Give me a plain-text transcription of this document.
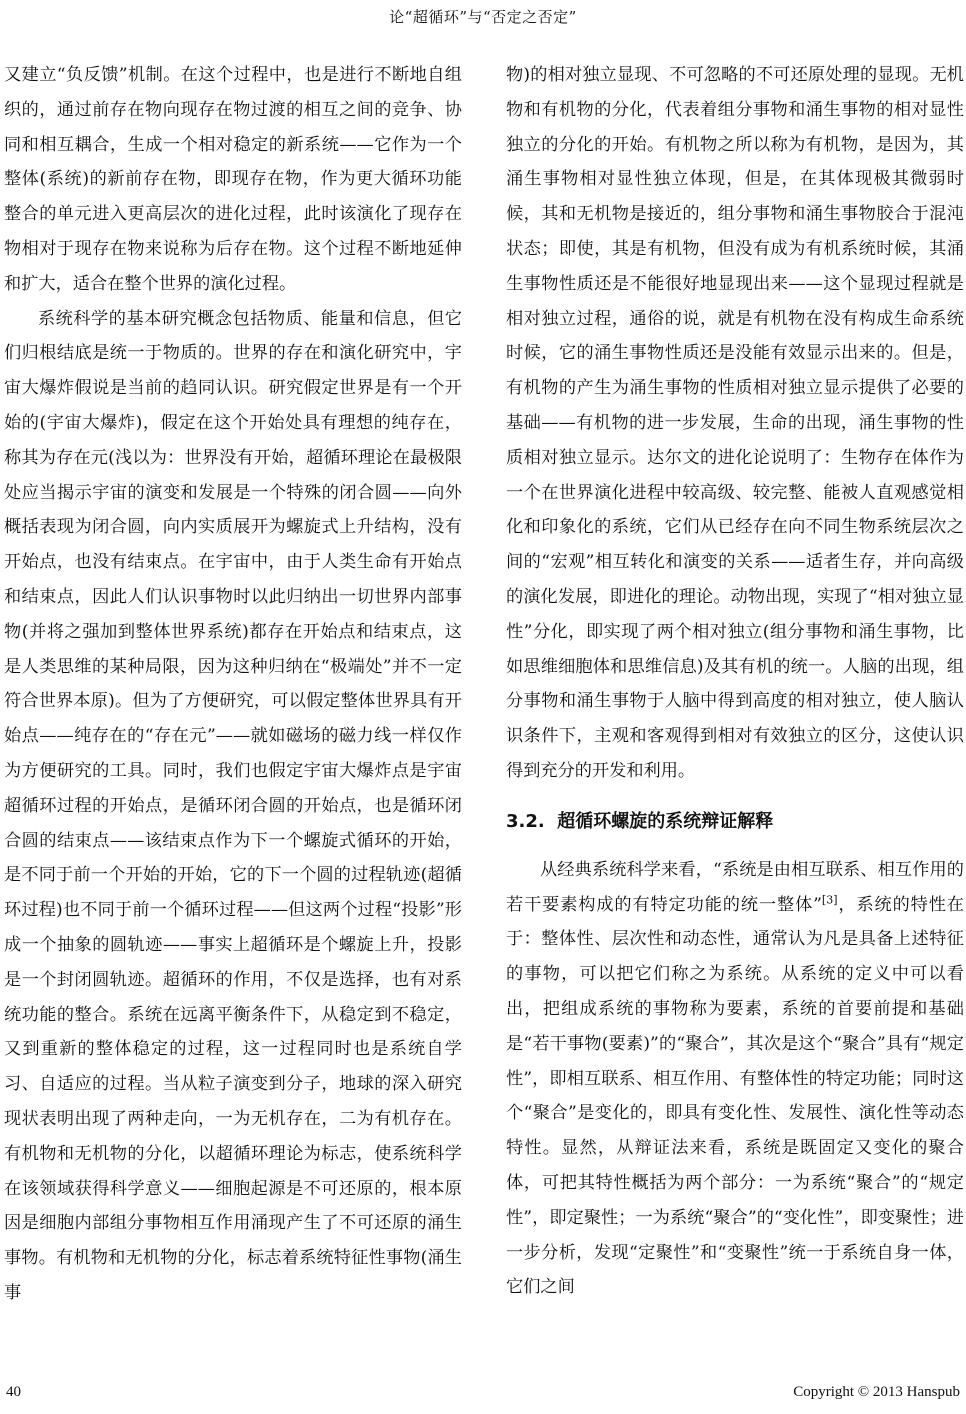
论“超循环”与“否定之否定”

又建立“负反馈”机制。在这个过程中，也是进行不断地自组织的，通过前存在物向现存在物过渡的相互之间的竞争、协同和相互耦合，生成一个相对稳定的新系统——它作为一个整体(系统)的新前存在物，即现存在物，作为更大循环功能整合的单元进入更高层次的进化过程，此时该演化了现存在物相对于现存在物来说称为后存在物。这个过程不断地延伸和扩大，适合在整个世界的演化过程。

系统科学的基本研究概念包括物质、能量和信息，但它们归根结底是统一于物质的。世界的存在和演化研究中，宇宙大爆炸假说是当前的趋同认识。研究假定世界是有一个开始的(宇宙大爆炸)，假定在这个开始处具有理想的纯存在，称其为存在元(浅以为：世界没有开始，超循环理论在最极限处应当揭示宇宙的演变和发展是一个特殊的闭合圆——向外概括表现为闭合圆，向内实质展开为螺旋式上升结构，没有开始点，也没有结束点。在宇宙中，由于人类生命有开始点和结束点，因此人们认识事物时以此归纳出一切世界内部事物(并将之强加到整体世界系统)都存在开始点和结束点，这是人类思维的某种局限，因为这种归纳在“极端处”并不一定符合世界本原)。但为了方便研究，可以假定整体世界具有开始点——纯存在的“存在元”——就如磁场的磁力线一样仅作为方便研究的工具。同时，我们也假定宇宙大爆炸点是宇宙超循环过程的开始点，是循环闭合圆的开始点，也是循环闭合圆的结束点——该结束点作为下一个螺旋式循环的开始，是不同于前一个开始的开始，它的下一个圆的过程轨迹(超循环过程)也不同于前一个循环过程——但这两个过程“投影”形成一个抽象的圆轨迹——事实上超循环是个螺旋上升，投影是一个封闭圆轨迹。超循环的作用，不仅是选择，也有对系统功能的整合。系统在远离平衡条件下，从稳定到不稳定，又到重新的整体稳定的过程，这一过程同时也是系统自学习、自适应的过程。当从粒子演变到分子，地球的深入研究现状表明出现了两种走向，一为无机存在，二为有机存在。有机物和无机物的分化，以超循环理论为标志，使系统科学在该领域获得科学意义——细胞起源是不可还原的，根本原因是细胞内部组分事物相互作用涌现产生了不可还原的涌生事物。有机物和无机物的分化，标志着系统特征性事物(涌生事

物)的相对独立显现、不可忽略的不可还原处理的显现。无机物和有机物的分化，代表着组分事物和涌生事物的相对显性独立的分化的开始。有机物之所以称为有机物，是因为，其涌生事物相对显性独立体现，但是，在其体现极其微弱时候，其和无机物是接近的，组分事物和涌生事物胶合于混沌状态；即使，其是有机物，但没有成为有机系统时候，其涌生事物性质还是不能很好地显现出来——这个显现过程就是相对独立过程，通俗的说，就是有机物在没有构成生命系统时候，它的涌生事物性质还是没能有效显示出来的。但是，有机物的产生为涌生事物的性质相对独立显示提供了必要的基础——有机物的进一步发展，生命的出现，涌生事物的性质相对独立显示。达尔文的进化论说明了：生物存在体作为一个在世界演化进程中较高级、较完整、能被人直观感觉相化和印象化的系统，它们从已经存在向不同生物系统层次之间的“宏观”相互转化和演变的关系——适者生存，并向高级的演化发展，即进化的理论。动物出现，实现了“相对独立显性”分化，即实现了两个相对独立(组分事物和涌生事物，比如思维细胞体和思维信息)及其有机的统一。人脑的出现，组分事物和涌生事物于人脑中得到高度的相对独立，使人脑认识条件下，主观和客观得到相对有效独立的区分，这使认识得到充分的开发和利用。

3.2. 超循环螺旋的系统辩证解释

从经典系统科学来看，“系统是由相互联系、相互作用的若干要素构成的有特定功能的统一整体”[3]，系统的特性在于：整体性、层次性和动态性，通常认为凡是具备上述特征的事物，可以把它们称之为系统。从系统的定义中可以看出，把组成系统的事物称为要素，系统的首要前提和基础是“若干事物(要素)”的“聚合”，其次是这个“聚合”具有“规定性”，即相互联系、相互作用、有整体性的特定功能；同时这个“聚合”是变化的，即具有变化性、发展性、演化性等动态特性。显然，从辩证法来看，系统是既固定又变化的聚合体，可把其特性概括为两个部分：一为系统“聚合”的“规定性”，即定聚性；一为系统“聚合”的“变化性”，即变聚性；进一步分析，发现“定聚性”和“变聚性”统一于系统自身一体，它们之间

40	Copyright © 2013 Hanspub
